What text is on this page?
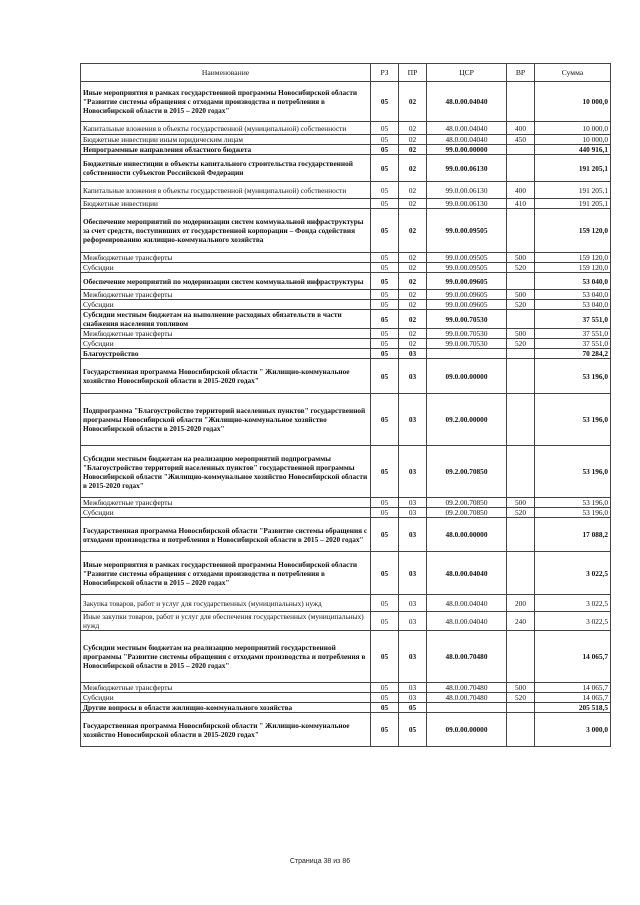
Наименование	РЗ	ПР	ЦСР	ВР	Сумма
Иные мероприятия в рамках государственной программы Новосибирской области "Развитие системы обращения с отходами производства и потребления в Новосибирской области в 2015 – 2020 годах"	05	02	48.0.00.04040		10 000,0
Капитальные вложения в объекты государственной (муниципальной) собственности	05	02	48.0.00.04040	400	10 000,0
Бюджетные инвестиции иным юридическим лицам	05	02	48.0.00.04040	450	10 000,0
Непрограммные направления областного бюджета	05	02	99.0.00.00000		440 916,1
Бюджетные инвестиции в объекты капитального строительства государственной собственности субъектов Российской Федерации	05	02	99.0.00.06130		191 205,1
Капитальные вложения в объекты государственной (муниципальной) собственности	05	02	99.0.00.06130	400	191 205,1
Бюджетные инвестиции	05	02	99.0.00.06130	410	191 205,1
Обеспечение мероприятий по модернизации систем коммунальной инфраструктуры за счет средств, поступивших от государственной корпорации – Фонда содействия реформированию жилищно-коммунального хозяйства	05	02	99.0.00.09505		159 120,0
Межбюджетные трансферты	05	02	99.0.00.09505	500	159 120,0
Субсидии	05	02	99.0.00.09505	520	159 120,0
Обеспечение мероприятий по модернизации систем коммунальной инфраструктуры	05	02	99.0.00.09605		53 040,0
Межбюджетные трансферты	05	02	99.0.00.09605	500	53 040,0
Субсидии	05	02	99.0.00.09605	520	53 040,0
Субсидии местным бюджетам на выполнение расходных обязательств в части снабжения населения топливом	05	02	99.0.00.70530		37 551,0
Межбюджетные трансферты	05	02	99.0.00.70530	500	37 551,0
Субсидии	05	02	99.0.00.70530	520	37 551,0
Благоустройство	05	03			70 284,2
Государственная программа Новосибирской области " Жилищно-коммунальное хозяйство Новосибирской области в 2015-2020 годах"	05	03	09.0.00.00000		53 196,0
Подпрограмма "Благоустройство территорий населенных пунктов" государственной программы Новосибирской области "Жилищно-коммунальное хозяйство Новосибирской области в 2015-2020 годах"	05	03	09.2.00.00000		53 196,0
Субсидии местным бюджетам на реализацию мероприятий подпрограммы "Благоустройство территорий населенных пунктов" государственной программы Новосибирской области "Жилищно-коммунальное хозяйство Новосибирской области в 2015-2020 годах"	05	03	09.2.00.70850		53 196,0
Межбюджетные трансферты	05	03	09.2.00.70850	500	53 196,0
Субсидии	05	03	09.2.00.70850	520	53 196,0
Государственная программа Новосибирской области "Развитие системы обращения с отходами производства и потребления в Новосибирской области в 2015 – 2020 годах"	05	03	48.0.00.00000		17 088,2
Иные мероприятия в рамках государственной программы Новосибирской области "Развитие системы обращения с отходами производства и потребления в Новосибирской области в 2015 – 2020 годах"	05	03	48.0.00.04040		3 022,5
Закупка товаров, работ и услуг для государственных (муниципальных) нужд	05	03	48.0.00.04040	200	3 022,5
Иные закупки товаров, работ и услуг для обеспечения государственных (муниципальных) нужд	05	03	48.0.00.04040	240	3 022,5
Субсидии местным бюджетам на реализацию мероприятий государственной программы "Развитие системы обращения с отходами производства и потребления в Новосибирской области в 2015 – 2020 годах"	05	03	48.0.00.70480		14 065,7
Межбюджетные трансферты	05	03	48.0.00.70480	500	14 065,7
Субсидии	05	03	48.0.00.70480	520	14 065,7
Другие вопросы в области жилищно-коммунального хозяйства	05	05			205 518,5
Государственная программа Новосибирской области " Жилищно-коммунальное хозяйство Новосибирской области в 2015-2020 годах"	05	05	09.0.00.00000		3 000,0
Страница 38 из 86
